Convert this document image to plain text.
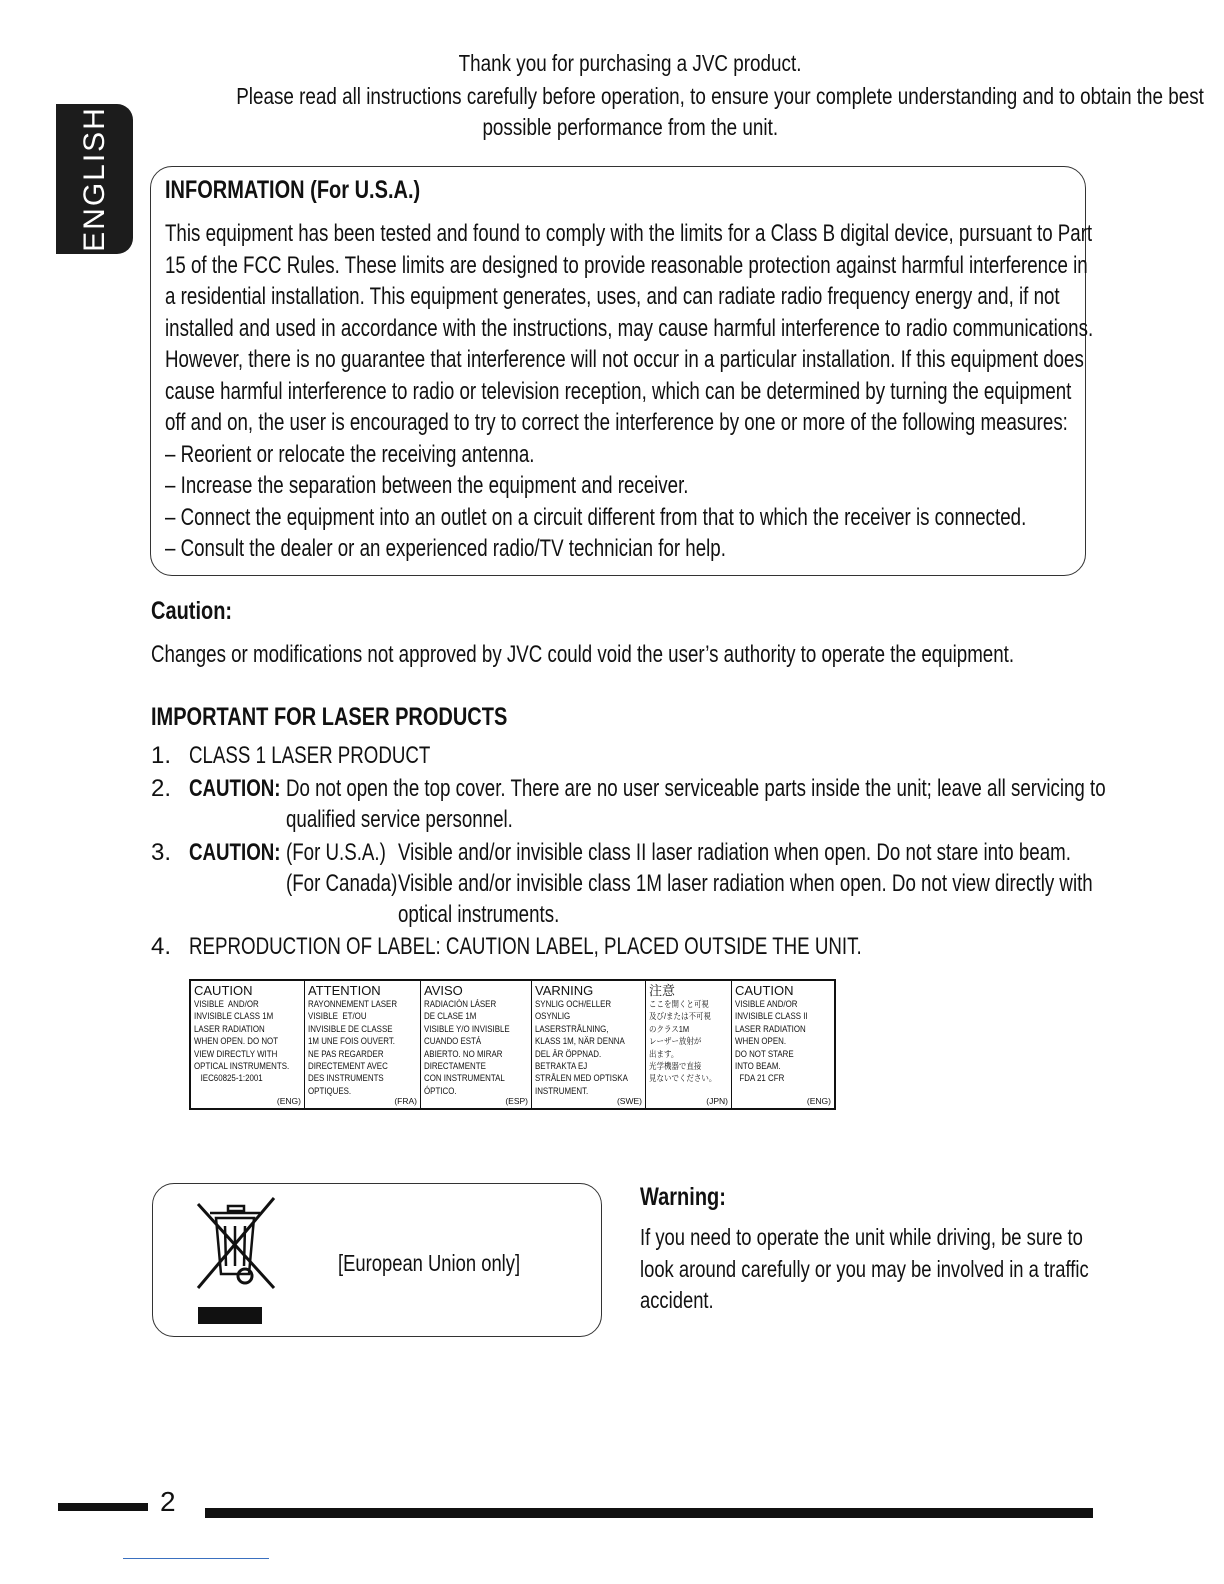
ENGLISH
Thank you for purchasing a JVC product.
Please read all instructions carefully before operation, to ensure your complete understanding and to obtain the best
possible performance from the unit.
INFORMATION (For U.S.A.)
This equipment has been tested and found to comply with the limits for a Class B digital device, pursuant to Part
15 of the FCC Rules. These limits are designed to provide reasonable protection against harmful interference in
a residential installation. This equipment generates, uses, and can radiate radio frequency energy and, if not
installed and used in accordance with the instructions, may cause harmful interference to radio communications.
However, there is no guarantee that interference will not occur in a particular installation. If this equipment does
cause harmful interference to radio or television reception, which can be determined by turning the equipment
off and on, the user is encouraged to try to correct the interference by one or more of the following measures:
– Reorient or relocate the receiving antenna.
– Increase the separation between the equipment and receiver.
– Connect the equipment into an outlet on a circuit different from that to which the receiver is connected.
– Consult the dealer or an experienced radio/TV technician for help.
Caution:
Changes or modifications not approved by JVC could void the user’s authority to operate the equipment.
IMPORTANT FOR LASER PRODUCTS
1. CLASS 1 LASER PRODUCT
2. CAUTION: Do not open the top cover. There are no user serviceable parts inside the unit; leave all servicing to
qualified service personnel.
3. CAUTION: (For U.S.A.) Visible and/or invisible class II laser radiation when open. Do not stare into beam.
(For Canada) Visible and/or invisible class 1M laser radiation when open. Do not view directly with
optical instruments.
4. REPRODUCTION OF LABEL: CAUTION LABEL, PLACED OUTSIDE THE UNIT.
CAUTION
VISIBLE  AND/OR
INVISIBLE CLASS 1M
LASER RADIATION
WHEN OPEN. DO NOT
VIEW DIRECTLY WITH
OPTICAL INSTRUMENTS.
IEC60825-1:2001
(ENG)
ATTENTION
RAYONNEMENT LASER
VISIBLE  ET/OU
INVISIBLE DE CLASSE
1M UNE FOIS OUVERT.
NE PAS REGARDER
DIRECTEMENT AVEC
DES INSTRUMENTS
OPTIQUES.
(FRA)
AVISO
RADIACIÓN LÁSER
DE CLASE 1M
VISIBLE Y/O INVISIBLE
CUANDO ESTÁ
ABIERTO. NO MIRAR
DIRECTAMENTE
CON INSTRUMENTAL
ÓPTICO.
(ESP)
VARNING
SYNLIG OCH/ELLER
OSYNLIG
LASERSTRÅLNING,
KLASS 1M, NÄR DENNA
DEL ÄR ÖPPNAD.
BETRAKTA EJ
STRÅLEN MED OPTISKA
INSTRUMENT.
(SWE)
注意
ここを開くと可視
及び/または不可視
のクラス1M
レーザー放射が
出ます。
光学機器で直接
見ないでください。
(JPN)
CAUTION
VISIBLE AND/OR
INVISIBLE CLASS II
LASER RADIATION
WHEN OPEN.
DO NOT STARE
INTO BEAM.
FDA 21 CFR
(ENG)
[European Union only]
Warning:
If you need to operate the unit while driving, be sure to
look around carefully or you may be involved in a traffic
accident.
2
